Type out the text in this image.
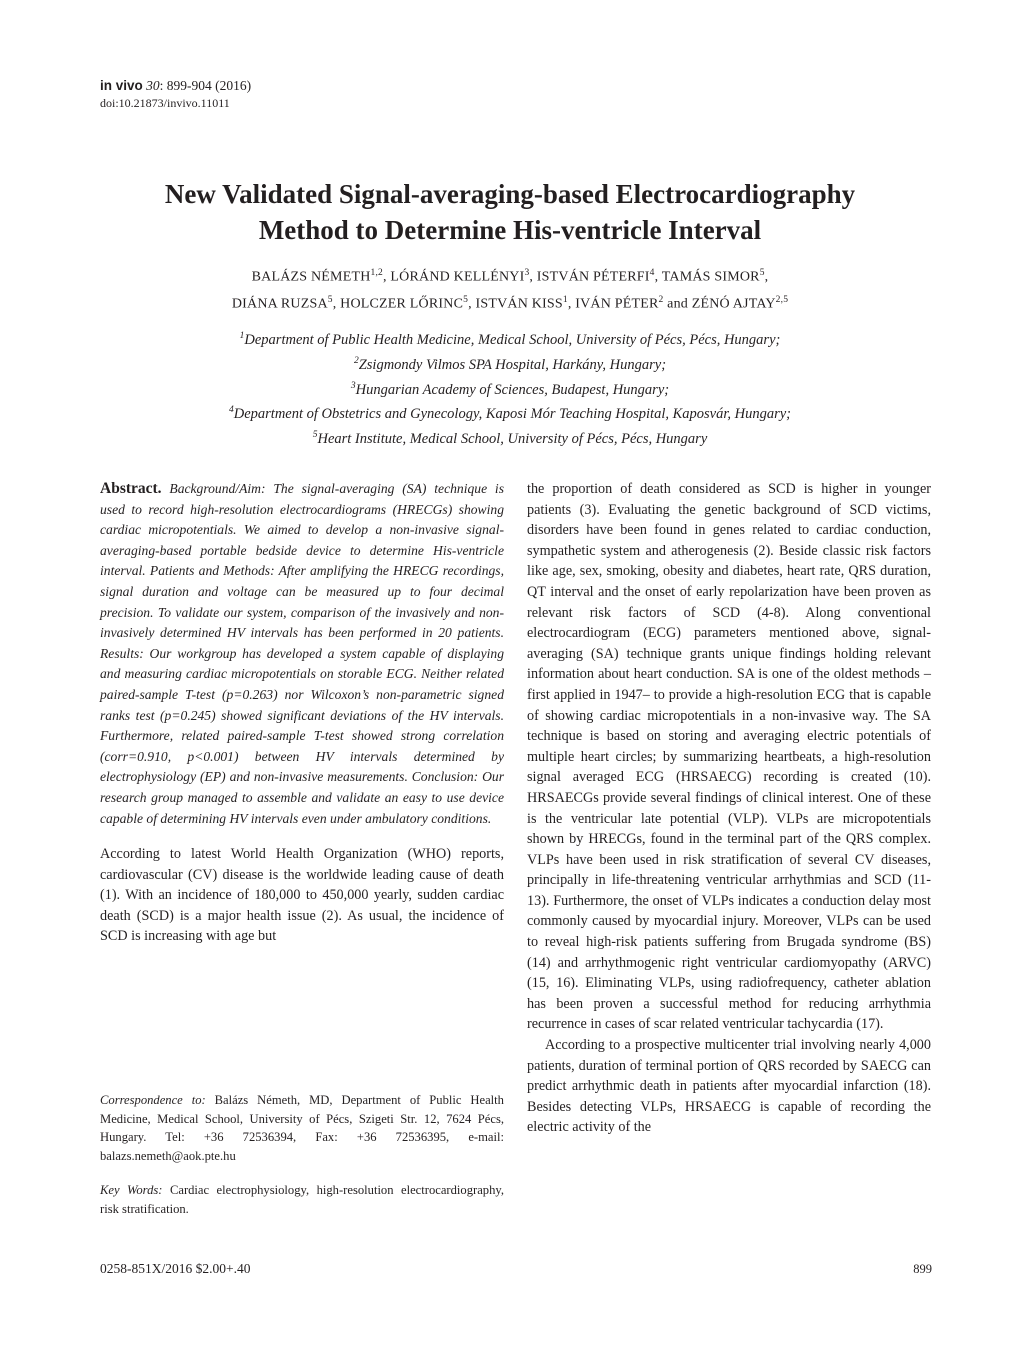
in vivo 30: 899-904 (2016)
doi:10.21873/invivo.11011
New Validated Signal-averaging-based Electrocardiography
Method to Determine His-ventricle Interval
BALÁZS NÉMETH$^{1,2}$, LÓRÁND KELLÉNYI$^3$, ISTVÁN PÉTERFI$^4$, TAMÁS SIMOR$^5$,
DIÁNA RUZSA$^5$, HOLCZER LŐRINC$^5$, ISTVÁN KISS$^1$, IVÁN PÉTER$^2$ and ZÉNÓ AJTAY$^{2,5}$
$^1$Department of Public Health Medicine, Medical School, University of Pécs, Pécs, Hungary;
$^2$Zsigmondy Vilmos SPA Hospital, Harkány, Hungary;
$^3$Hungarian Academy of Sciences, Budapest, Hungary;
$^4$Department of Obstetrics and Gynecology, Kaposi Mór Teaching Hospital, Kaposvár, Hungary;
$^5$Heart Institute, Medical School, University of Pécs, Pécs, Hungary

Abstract. Background/Aim: The signal-averaging (SA) technique is used to record high-resolution electrocardiograms (HRECGs) showing cardiac micropotentials. We aimed to develop a non-invasive signal-averaging-based portable bedside device to determine His-ventricle interval. Patients and Methods: After amplifying the HRECG recordings, signal duration and voltage can be measured up to four decimal precision. To validate our system, comparison of the invasively and non-invasively determined HV intervals has been performed in 20 patients. Results: Our workgroup has developed a system capable of displaying and measuring cardiac micropotentials on storable ECG. Neither related paired-sample T-test (p=0.263) nor Wilcoxon’s non-parametric signed ranks test (p=0.245) showed significant deviations of the HV intervals. Furthermore, related paired-sample T-test showed strong correlation (corr=0.910, p<0.001) between HV intervals determined by electrophysiology (EP) and non-invasive measurements. Conclusion: Our research group managed to assemble and validate an easy to use device capable of determining HV intervals even under ambulatory conditions.

According to latest World Health Organization (WHO) reports, cardiovascular (CV) disease is the worldwide leading cause of death (1). With an incidence of 180,000 to 450,000 yearly, sudden cardiac death (SCD) is a major health issue (2). As usual, the incidence of SCD is increasing with age but

the proportion of death considered as SCD is higher in younger patients (3). Evaluating the genetic background of SCD victims, disorders have been found in genes related to cardiac conduction, sympathetic system and atherogenesis (2). Beside classic risk factors like age, sex, smoking, obesity and diabetes, heart rate, QRS duration, QT interval and the onset of early repolarization have been proven as relevant risk factors of SCD (4-8). Along conventional electrocardiogram (ECG) parameters mentioned above, signal-averaging (SA) technique grants unique findings holding relevant information about heart conduction. SA is one of the oldest methods –first applied in 1947– to provide a high-resolution ECG that is capable of showing cardiac micropotentials in a non-invasive way. The SA technique is based on storing and averaging electric potentials of multiple heart circles; by summarizing heartbeats, a high-resolution signal averaged ECG (HRSAECG) recording is created (10). HRSAECGs provide several findings of clinical interest. One of these is the ventricular late potential (VLP). VLPs are micropotentials shown by HRECGs, found in the terminal part of the QRS complex. VLPs have been used in risk stratification of several CV diseases, principally in life-threatening ventricular arrhythmias and SCD (11-13). Furthermore, the onset of VLPs indicates a conduction delay most commonly caused by myocardial injury. Moreover, VLPs can be used to reveal high-risk patients suffering from Brugada syndrome (BS) (14) and arrhythmogenic right ventricular cardiomyopathy (ARVC) (15, 16). Eliminating VLPs, using radiofrequency, catheter ablation has been proven a successful method for reducing arrhythmia recurrence in cases of scar related ventricular tachycardia (17).

According to a prospective multicenter trial involving nearly 4,000 patients, duration of terminal portion of QRS recorded by SAECG can predict arrhythmic death in patients after myocardial infarction (18). Besides detecting VLPs, HRSAECG is capable of recording the electric activity of the

Correspondence to: Balázs Németh, MD, Department of Public Health Medicine, Medical School, University of Pécs, Szigeti Str. 12, 7624 Pécs, Hungary. Tel: +36 72536394, Fax: +36 72536395, e-mail: balazs.nemeth@aok.pte.hu
Key Words: Cardiac electrophysiology, high-resolution electrocardiography, risk stratification.
0258-851X/2016 $2.00+.40	899
